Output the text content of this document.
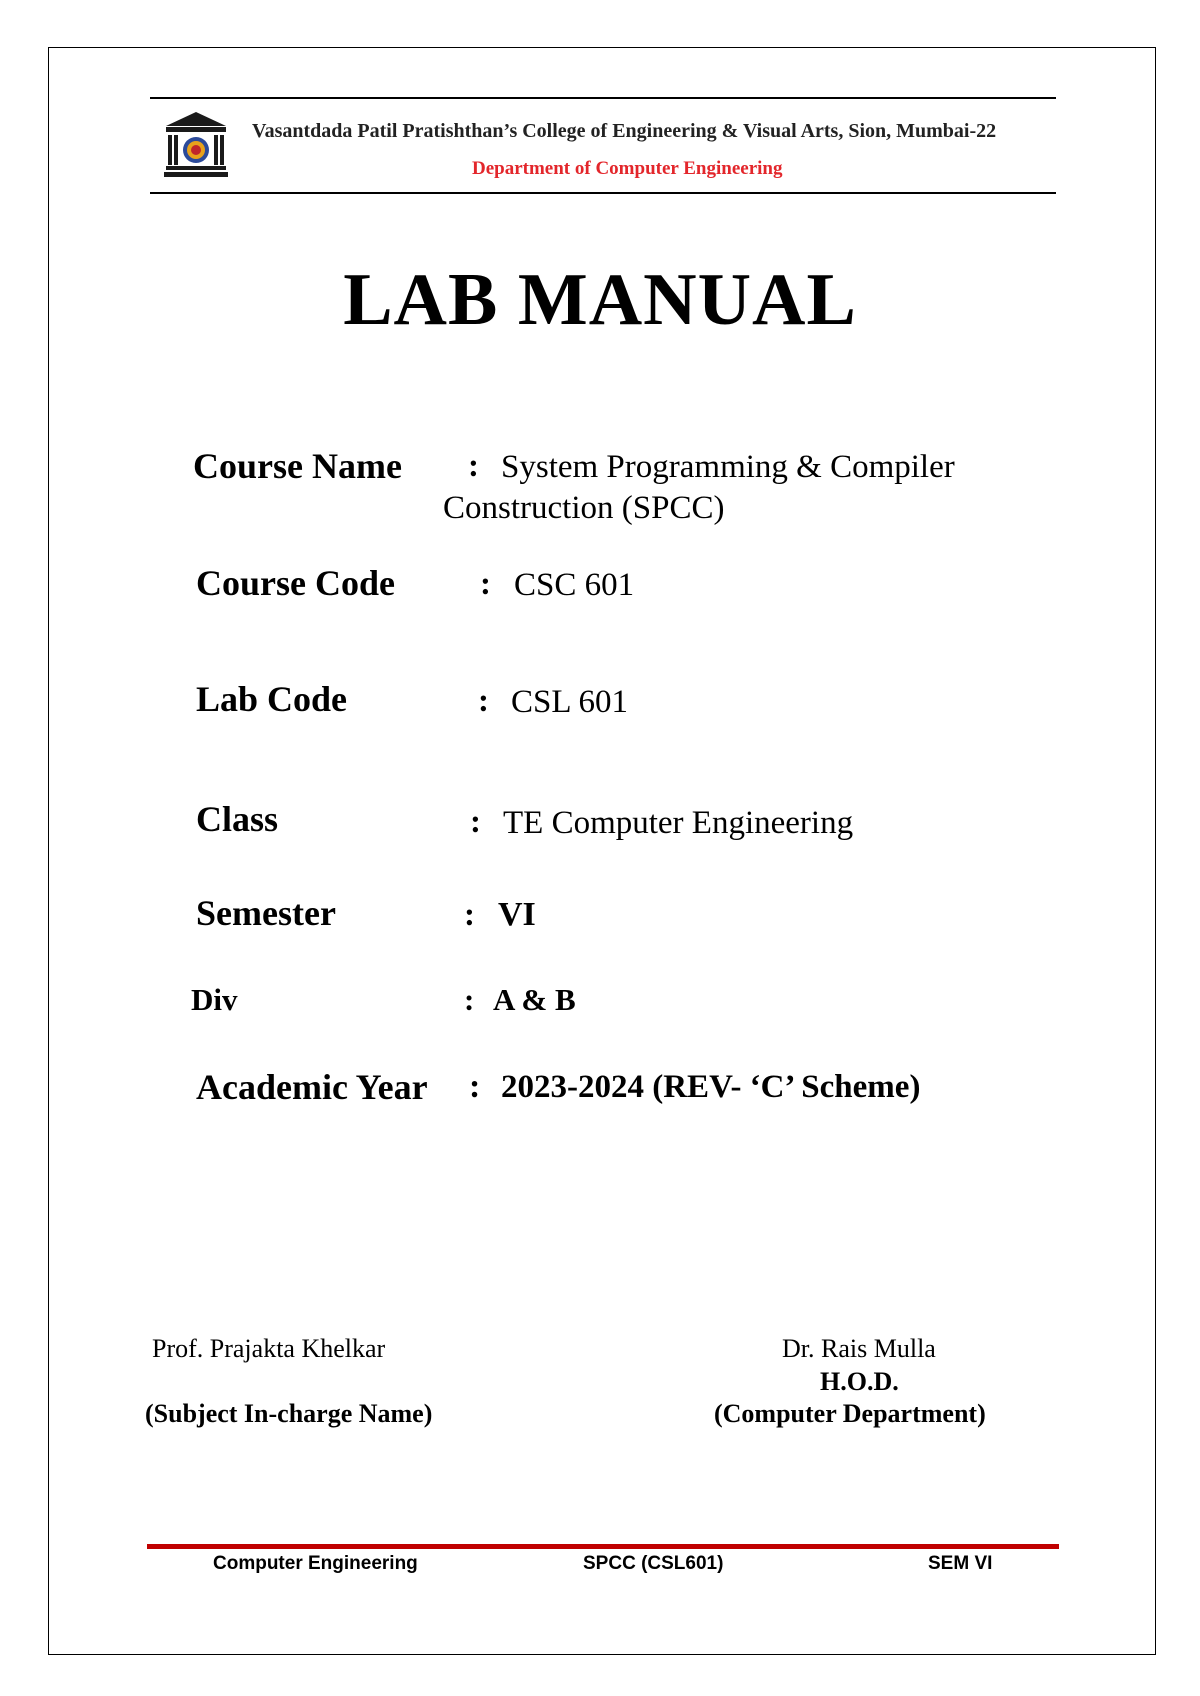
Vasantdada Patil Pratishthan’s College of Engineering & Visual Arts, Sion, Mumbai-22
Department of Computer Engineering
LAB MANUAL
Course Name : System Programming & Compiler
Construction (SPCC)
Course Code	: CSC 601
Lab Code	: CSL 601
Class	: TE Computer Engineering
Semester	: VI
Div	: A & B
Academic Year : 2023-2024 (REV- ‘C’ Scheme)
Prof. Prajakta Khelkar
(Subject In-charge Name)
Dr. Rais Mulla
H.O.D.
(Computer Department)
Computer Engineering	SPCC (CSL601)	SEM VI
